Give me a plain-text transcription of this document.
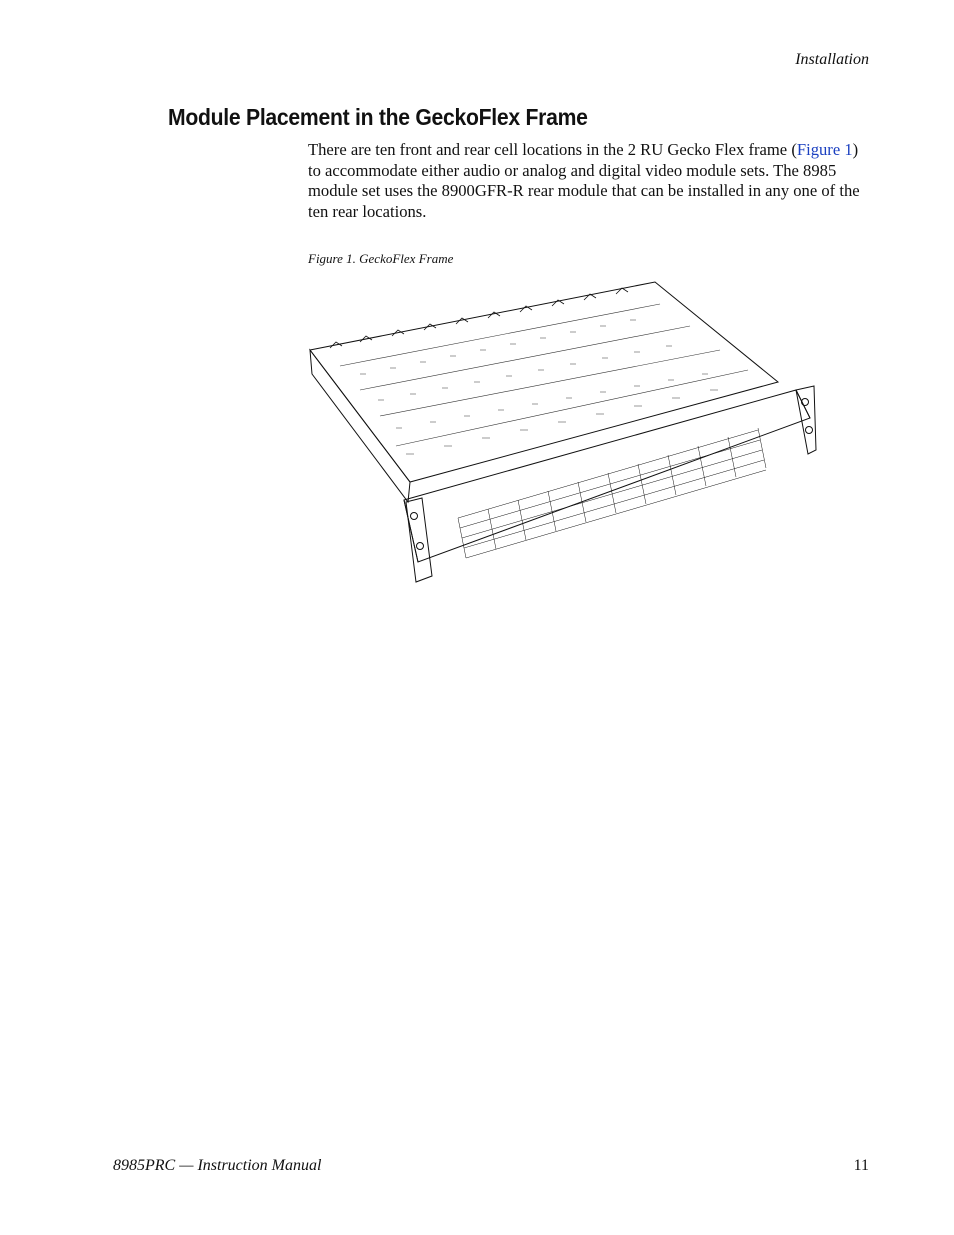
Installation
Module Placement in the GeckoFlex Frame

There are ten front and rear cell locations in the 2 RU Gecko Flex frame (Figure 1) to accommodate either audio or analog and digital video module sets. The 8985 module set uses the 8900GFR-R rear module that can be installed in any one of the ten rear locations.

Figure 1. GeckoFlex Frame
8985PRC — Instruction Manual	11
